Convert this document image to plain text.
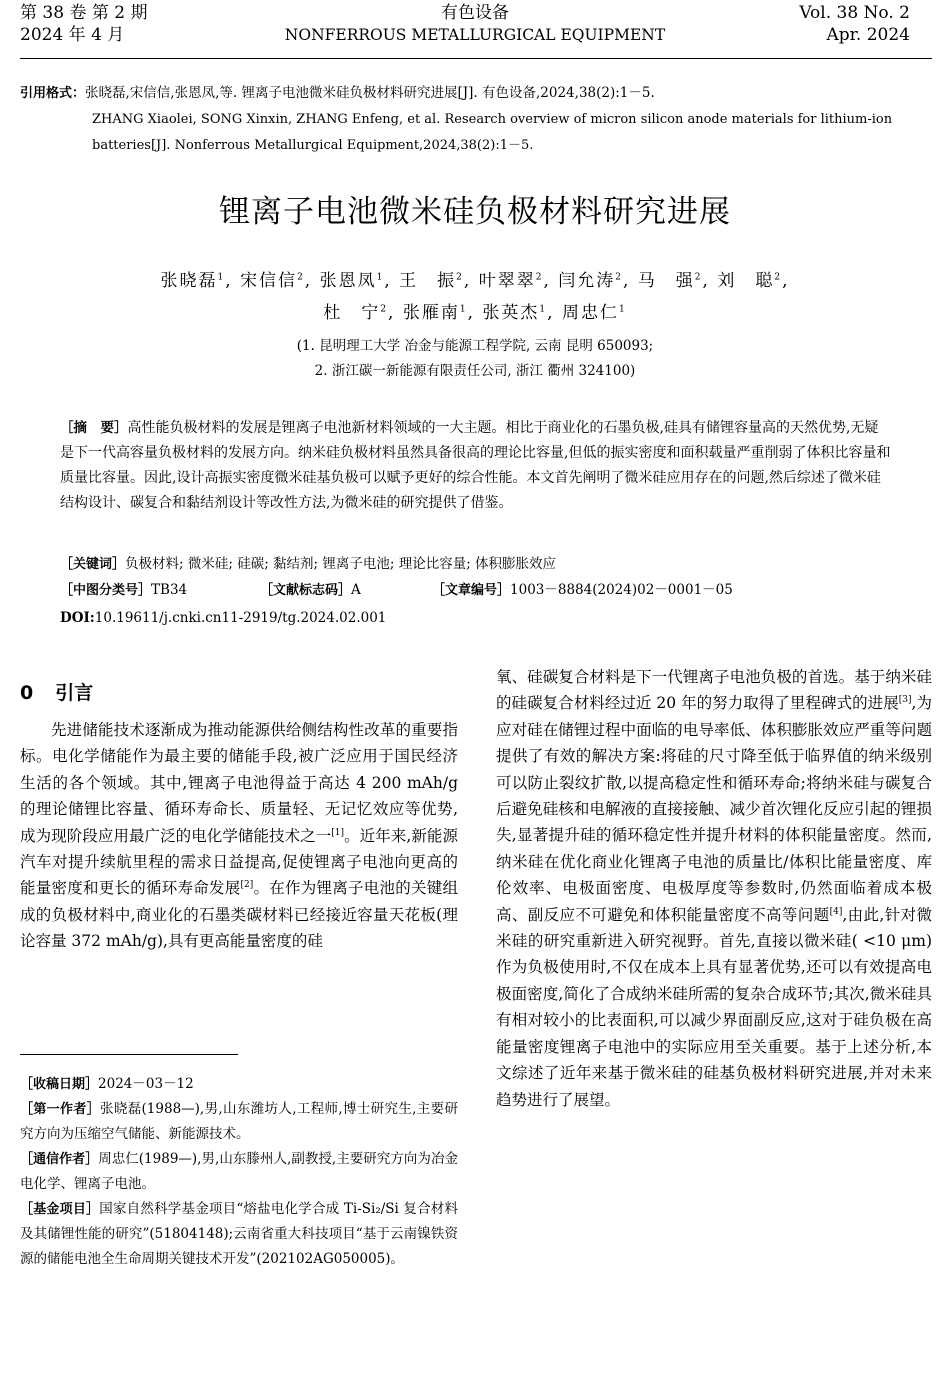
第 38 卷 第 2 期
2024 年 4 月
有色设备
NONFERROUS METALLURGICAL EQUIPMENT
Vol. 38 No. 2
Apr. 2024
引用格式：张晓磊,宋信信,张恩凤,等. 锂离子电池微米硅负极材料研究进展[J]. 有色设备,2024,38(2):1－5.
ZHANG Xiaolei, SONG Xinxin, ZHANG Enfeng, et al. Research overview of micron silicon anode materials for lithium-ion
batteries[J]. Nonferrous Metallurgical Equipment,2024,38(2):1－5.
锂离子电池微米硅负极材料研究进展
张晓磊$^1$, 宋信信$^2$, 张恩凤$^1$, 王　振$^2$, 叶翠翠$^2$, 闫允涛$^2$, 马　强$^2$, 刘　聪$^2$,
杜　宁$^2$, 张雁南$^1$, 张英杰$^1$, 周忠仁$^1$
(1. 昆明理工大学 冶金与能源工程学院, 云南 昆明 650093;
2. 浙江碳一新能源有限责任公司, 浙江 衢州 324100)
［摘　要］高性能负极材料的发展是锂离子电池新材料领域的一大主题。相比于商业化的石墨负极,硅具有储锂容量高的天然优势,无疑是下一代高容量负极材料的发展方向。纳米硅负极材料虽然具备很高的理论比容量,但低的振实密度和面积载量严重削弱了体积比容量和质量比容量。因此,设计高振实密度微米硅基负极可以赋予更好的综合性能。本文首先阐明了微米硅应用存在的问题,然后综述了微米硅结构设计、碳复合和黏结剂设计等改性方法,为微米硅的研究提供了借鉴。
［关键词］负极材料; 微米硅; 硅碳; 黏结剂; 锂离子电池; 理论比容量; 体积膨胀效应
［中图分类号］TB34	［文献标志码］A	［文章编号］1003－8884(2024)02－0001－05
DOI:10.19611/j.cnki.cn11-2919/tg.2024.02.001
0 引言

先进储能技术逐渐成为推动能源供给侧结构性改革的重要指标。电化学储能作为最主要的储能手段,被广泛应用于国民经济生活的各个领域。其中,锂离子电池得益于高达 4 200 mAh/g 的理论储锂比容量、循环寿命长、质量轻、无记忆效应等优势,成为现阶段应用最广泛的电化学储能技术之一[1]。近年来,新能源汽车对提升续航里程的需求日益提高,促使锂离子电池向更高的能量密度和更长的循环寿命发展[2]。在作为锂离子电池的关键组成的负极材料中,商业化的石墨类碳材料已经接近容量天花板(理论容量 372 mAh/g),具有更高能量密度的硅

［收稿日期］2024－03－12
［第一作者］张晓磊(1988—),男,山东潍坊人,工程师,博士研究生,主要研究方向为压缩空气储能、新能源技术。
［通信作者］周忠仁(1989—),男,山东滕州人,副教授,主要研究方向为冶金电化学、锂离子电池。
［基金项目］国家自然科学基金项目“熔盐电化学合成 Ti-Si₂/Si 复合材料及其储锂性能的研究”(51804148);云南省重大科技项目“基于云南镍铁资源的储能电池全生命周期关键技术开发”(202102AG050005)。

氧、硅碳复合材料是下一代锂离子电池负极的首选。基于纳米硅的硅碳复合材料经过近 20 年的努力取得了里程碑式的进展[3],为应对硅在储锂过程中面临的电导率低、体积膨胀效应严重等问题提供了有效的解决方案:将硅的尺寸降至低于临界值的纳米级别可以防止裂纹扩散,以提高稳定性和循环寿命;将纳米硅与碳复合后避免硅核和电解液的直接接触、减少首次锂化反应引起的锂损失,显著提升硅的循环稳定性并提升材料的体积能量密度。然而,纳米硅在优化商业化锂离子电池的质量比/体积比能量密度、库伦效率、电极面密度、电极厚度等参数时,仍然面临着成本极高、副反应不可避免和体积能量密度不高等问题[4],由此,针对微米硅的研究重新进入研究视野。首先,直接以微米硅( <10 μm)作为负极使用时,不仅在成本上具有显著优势,还可以有效提高电极面密度,简化了合成纳米硅所需的复杂合成环节;其次,微米硅具有相对较小的比表面积,可以减少界面副反应,这对于硅负极在高能量密度锂离子电池中的实际应用至关重要。基于上述分析,本文综述了近年来基于微米硅的硅基负极材料研究进展,并对未来趋势进行了展望。
